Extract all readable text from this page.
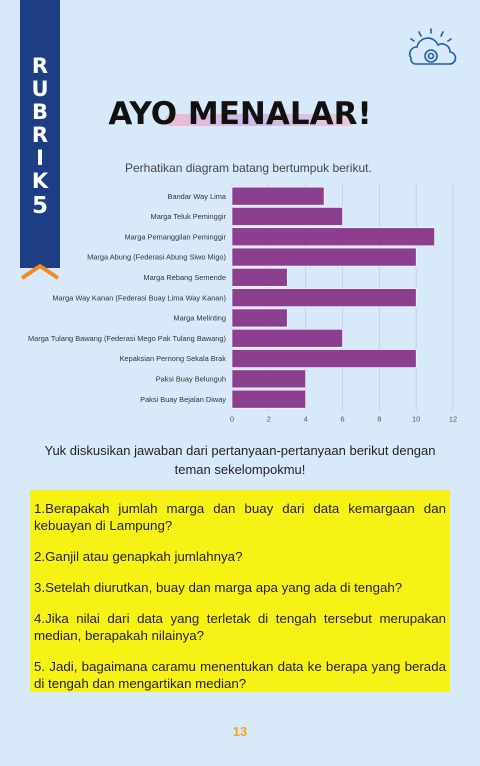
R
U
B
R
I
K
5
AYO MENALAR!
Perhatikan diagram batang bertumpuk berikut.
Bandar Way Lima
Marga Teluk Peminggir
Marga Pemanggilan Peminggir
Marga Abung (Federasi Abung Siwo Migo)
Marga Rebang Semende
Marga Way Kanan (Federasi Buay Lima Way Kanan)
Marga Melinting
Marga Tulang Bawang (Federasi Mego Pak Tulang Bawang)
Kepaksian Pernong Sekala Brak
Paksi Buay Belunguh
Paksi Buay Bejalan Diway
0	2	4	6	8	10	12
Yuk diskusikan jawaban dari pertanyaan-pertanyaan berikut dengan teman sekelompokmu!

1.Berapakah jumlah marga dan buay dari data kemargaan dan kebuayan di Lampung?

2.Ganjil atau genapkah jumlahnya?

3.Setelah diurutkan, buay dan marga apa yang ada di tengah?

4.Jika nilai dari data yang terletak di tengah tersebut merupakan median, berapakah nilainya?

5. Jadi, bagaimana caramu menentukan data ke berapa yang berada di tengah dan mengartikan median?

13
